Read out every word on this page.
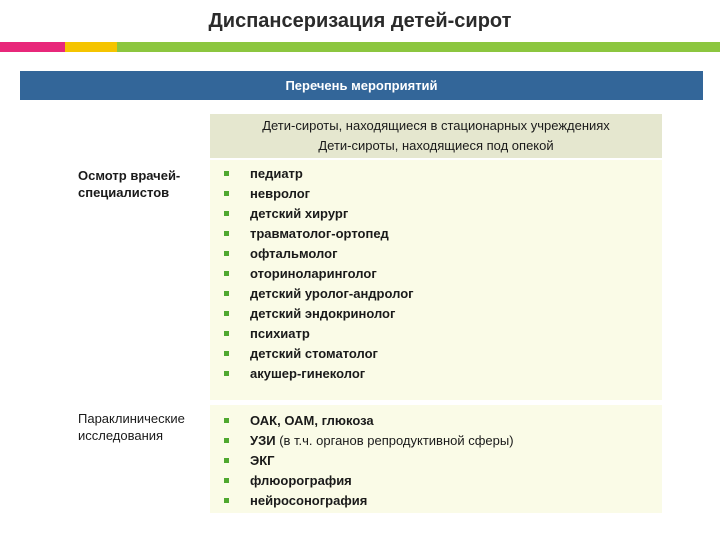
Диспансеризация детей-сирот
Перечень мероприятий
Дети-сироты, находящиеся в стационарных учреждениях
Дети-сироты, находящиеся под опекой
Осмотр врачей-специалистов
Параклинические исследования
педиатр
невролог
детский хирург
травматолог-ортопед
офтальмолог
оториноларинголог
детский уролог-андролог
детский эндокринолог
психиатр
детский стоматолог
акушер-гинеколог
ОАК, ОАМ, глюкоза
УЗИ (в т.ч. органов репродуктивной сферы)
ЭКГ
флюорография
нейросонография
